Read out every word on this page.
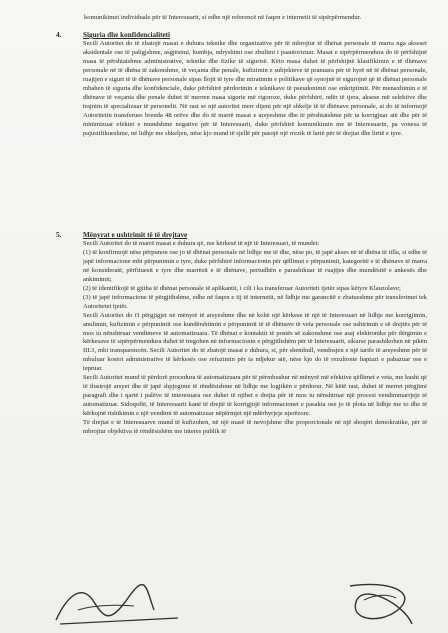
komunikimet individuale për të Interesuarit, si edhe një referencë në faqen e internetit të sipërpërmendur.

4.	Siguria dhe konfidencialiteti

Secili Autoritet do të zbatojë masat e duhura teknike dhe organizative për të mbrojtur të dhënat personale të marra nga akseset aksidentale ose të paligjshme, asgjësimi, humbja, ndryshimi ose zbulimi i paautorizuar. Masat e sipërpërmendura do të përfshijnë masa të përshtatshme administrative, teknike dhe fizike të sigurisë. Këto masa duhet të përfshijnë klasifikimin e të dhënave personale në të dhëna të zakonshme, të veçanta dhe penale, kufizimin e subjekteve të pranuara për të hyrë në të dhënat personale, ruajtjen e sigurt të të dhënave personale sipas llojit të tyre dhe miratimin e politikave që synojnë të sigurojnë që të dhënat personale mbahen të sigurta dhe konfidenciale, duke përfshirë përdorimin e teknikave të pseudonimit ose enkriptimit. Për menaxhimin e të dhënave të veçanta dhe penale duhet të merren masa sigurie më rigoroze, duke përfshirë, ndër të tjera, aksese më selektive dhe trajnim të specializuar të personelit. Në rast se një autoritet merr dijeni për një shkelje të të dhënave personale, ai do të informojë Autoritetin transferues brenda 48 orëve dhe do të marrë masat e arsyeshme dhe të përshtatshme për ta korrigjuar atë dhe për të minimizuar efektet e mundshme negative për të Interesuarit, duke përfshirë komunikimin me të Interesuarin, pa vonesa të pajustifikueshme, në lidhje me shkeljen, nëse kjo mund të sjellë për pasojë një rrezik të lartë për të drejtat dhe liritë e tyre.

5.	Mënyrat e ushtrimit të të drejtave

Secili Autoritet do të marrë masat e duhura që, me kërkesë të një të Interesuari, të mundet:

(1) të konfirmojë nëse përpunon ose jo të dhënat personale në lidhje me të dhe, nëse po, të japë akses në të dhëna të tilla, si edhe të japë informacione mbi përpunimin e tyre, duke përfshirë informacionin për qëllimet e përpunimit, kategoritë e të dhënave të marra në konsideratë, përfituesit e tyre dhe marrësit e të dhënave, periudhën e parashikuar të ruajtjes dhe mundësitë e ankesës dhe ankimimit;

(2) të identifikojë të gjitha të dhënat personale të aplikantit, i cili i ka transferuar Autoriteti tjetër sipas këtyre Klauzolave;

(3) të japë informacione të përgjithshme, edhe në faqen e tij të internetit, në lidhje me garancitë e zbatueshme për transferimet tek Autoritetet tjetër.

Secili Autoritet do t'i përgjigjet në mënyrë të arsyeshme dhe në kohë një kërkese të një të Interesuari në lidhje me korrigjimin, anulimin, kufizimin e përpunimit ose kundërshtimin e përpunimit të të dhënave të veta personale ose ushtrimin e së drejtës për të mos iu nënshtruar vendimeve të automatizuara. Të dhënat e kontaktit të postës së zakonshme ose asaj elektronike për dërgimin e kërkesave të sipërpërmendura duhet të tregohen në informacionin e përgjithshëm për të Interesuarit, sikurse parashikohen në pikën III.3, mbi transparencën. Secili Autoritet do të zbatojë masat e duhura, si, për shembull, vendosjen e një tarife të arsyeshme për të mbuluar kostot administrative të kërkesës ose refuzimin për ta ndjekur atë, nëse kjo do të rezultonte haptazi e pabazuar ose e tepruar.

Secili Autoritet mund të përdorë procedura të automatizuara për të përmbushur në mënyrë më efektive qëllimet e veta, me kusht që të ilustrojë arsyet dhe të japë shpjegime të rëndësishme në lidhje me logjikën e përdorur. Në këtë rast, duhet të merret përgjimi paragrafi dhe i qartë i palëve të interesuara ose duhet të njihet e drejta për të mos iu nënshtruar një procesi vendimmarrjeje të automatizuar. Sidoqoftë, të Interesuarit kanë të drejtë të korrigjojë informacionet e pasakta ose jo të plota në lidhje me to dhe të kërkojnë rishikimin e një vendimi të automatizuar nëpërmjet një ndërhyrjeje njerëzore.

Të drejtat e të Interesuarve mund të kufizohen, në një masë të nevojshme dhe proporcionale në një shoqëri demokratike, për të mbrojtur objektiva të rëndësishëm me interes publik të
